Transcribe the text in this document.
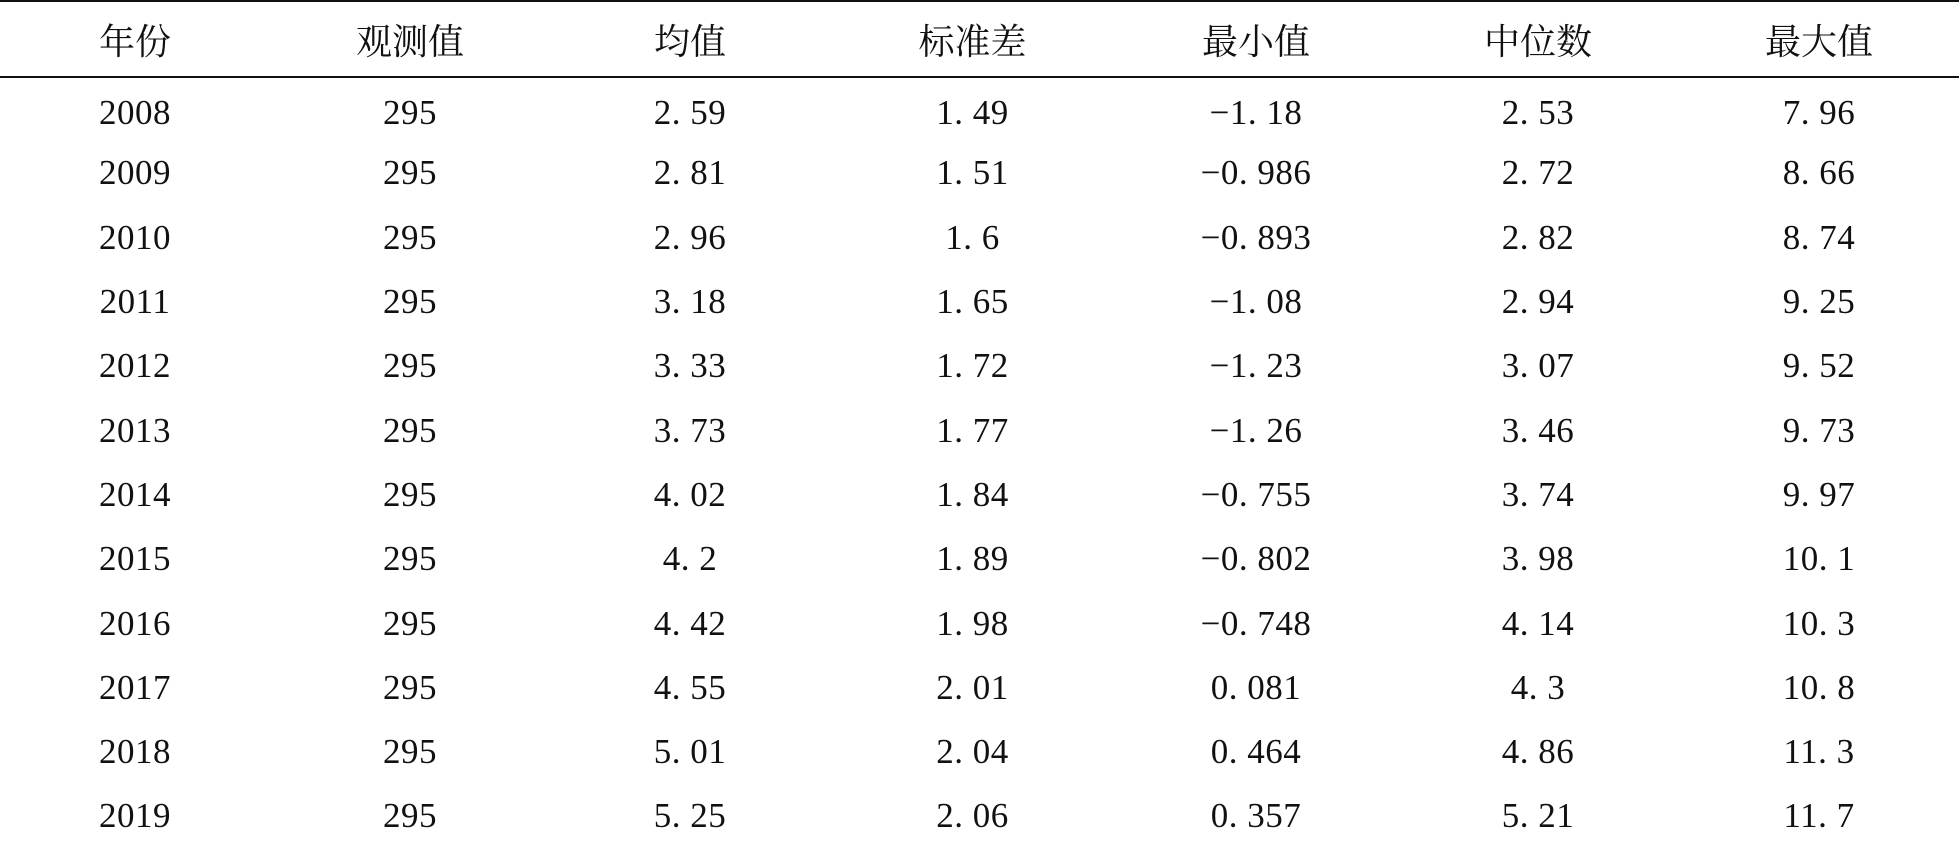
年份	观测值	均值	标准差	最小值	中位数	最大值
2008	295	2. 59	1. 49	−1. 18	2. 53	7. 96
2009	295	2. 81	1. 51	−0. 986	2. 72	8. 66
2010	295	2. 96	1. 6	−0. 893	2. 82	8. 74
2011	295	3. 18	1. 65	−1. 08	2. 94	9. 25
2012	295	3. 33	1. 72	−1. 23	3. 07	9. 52
2013	295	3. 73	1. 77	−1. 26	3. 46	9. 73
2014	295	4. 02	1. 84	−0. 755	3. 74	9. 97
2015	295	4. 2	1. 89	−0. 802	3. 98	10. 1
2016	295	4. 42	1. 98	−0. 748	4. 14	10. 3
2017	295	4. 55	2. 01	0. 081	4. 3	10. 8
2018	295	5. 01	2. 04	0. 464	4. 86	11. 3
2019	295	5. 25	2. 06	0. 357	5. 21	11. 7
